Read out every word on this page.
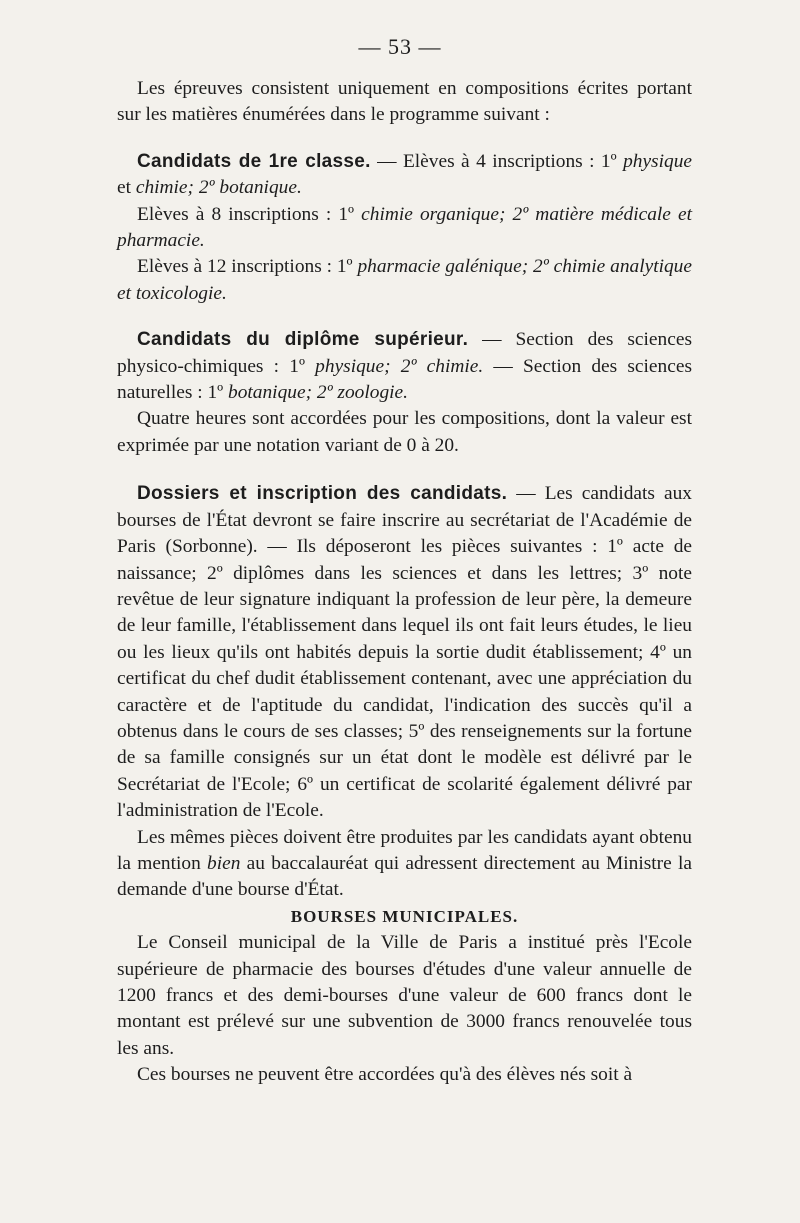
— 53 —

Les épreuves consistent uniquement en compositions écrites portant sur les matières énumérées dans le programme suivant :

Candidats de 1re classe. — Elèves à 4 inscriptions : 1º physique et chimie; 2º botanique.

Elèves à 8 inscriptions : 1º chimie organique; 2º matière médicale et pharmacie.

Elèves à 12 inscriptions : 1º pharmacie galénique; 2º chimie analytique et toxicologie.

Candidats du diplôme supérieur. — Section des sciences physico-chimiques : 1º physique; 2º chimie. — Section des sciences naturelles : 1º botanique; 2º zoologie.

Quatre heures sont accordées pour les compositions, dont la valeur est exprimée par une notation variant de 0 à 20.

Dossiers et inscription des candidats. — Les candidats aux bourses de l'État devront se faire inscrire au secrétariat de l'Académie de Paris (Sorbonne). — Ils déposeront les pièces suivantes : 1º acte de naissance; 2º diplômes dans les sciences et dans les lettres; 3º note revêtue de leur signature indiquant la profession de leur père, la demeure de leur famille, l'établissement dans lequel ils ont fait leurs études, le lieu ou les lieux qu'ils ont habités depuis la sortie dudit établissement; 4º un certificat du chef dudit établissement contenant, avec une appréciation du caractère et de l'aptitude du candidat, l'indication des succès qu'il a obtenus dans le cours de ses classes; 5º des renseignements sur la fortune de sa famille consignés sur un état dont le modèle est délivré par le Secrétariat de l'Ecole; 6º un certificat de scolarité également délivré par l'administration de l'Ecole.

Les mêmes pièces doivent être produites par les candidats ayant obtenu la mention bien au baccalauréat qui adressent directement au Ministre la demande d'une bourse d'État.

BOURSES MUNICIPALES.

Le Conseil municipal de la Ville de Paris a institué près l'Ecole supérieure de pharmacie des bourses d'études d'une valeur annuelle de 1200 francs et des demi-bourses d'une valeur de 600 francs dont le montant est prélevé sur une subvention de 3000 francs renouvelée tous les ans.

Ces bourses ne peuvent être accordées qu'à des élèves nés soit à
